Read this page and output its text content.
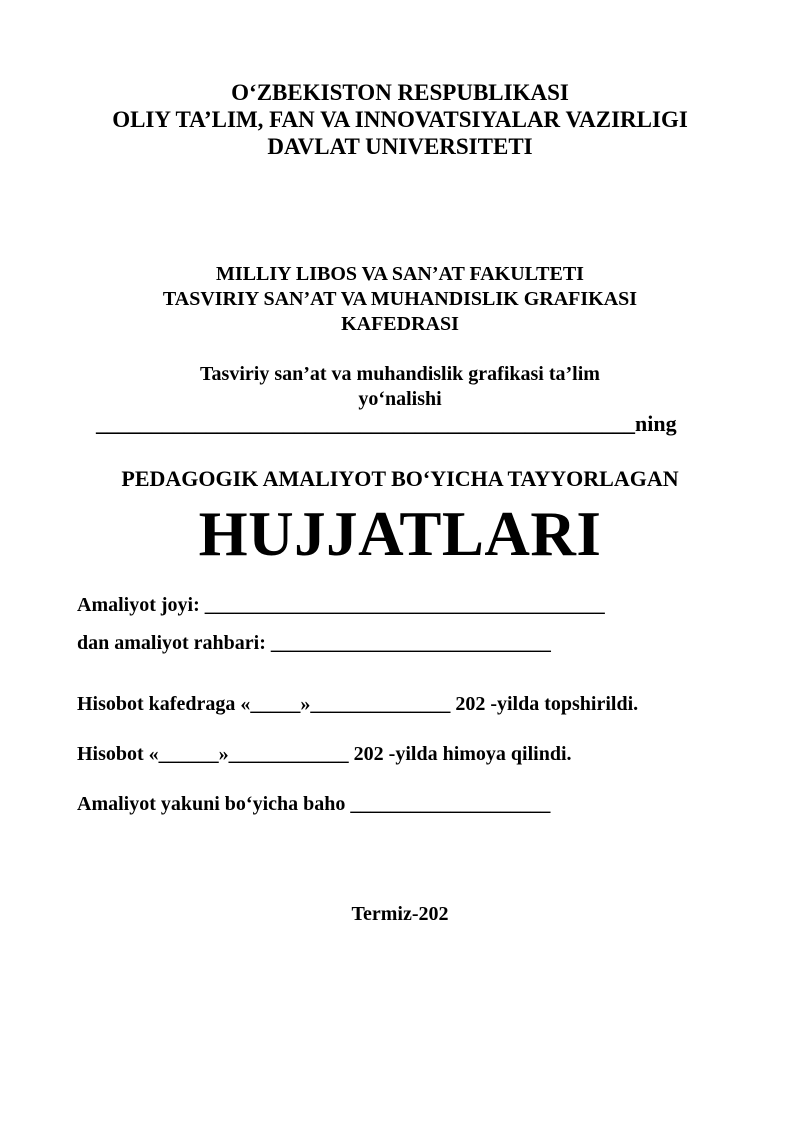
O‘ZBEKISTON RESPUBLIKASI

OLIY TA’LIM, FAN VA INNOVATSIYALAR VAZIRLIGI

DAVLAT UNIVERSITETI

MILLIY LIBOS VA SAN’AT FAKULTETI

TASVIRIY SAN’AT VA MUHANDISLIK GRAFIKASI

KAFEDRASI

Tasviriy san’at va muhandislik grafikasi ta’lim

yo‘nalishi

_________________________________________________ning

PEDAGOGIK AMALIYOT BO‘YICHA TAYYORLAGAN

HUJJATLARI

Amaliyot joyi: ________________________________________

dan amaliyot rahbari: ____________________________

Hisobot kafedraga «_____»______________ 202 -yilda topshirildi.

Hisobot «______»____________ 202 -yilda himoya qilindi.

Amaliyot yakuni bo‘yicha baho ____________________

Termiz-202
